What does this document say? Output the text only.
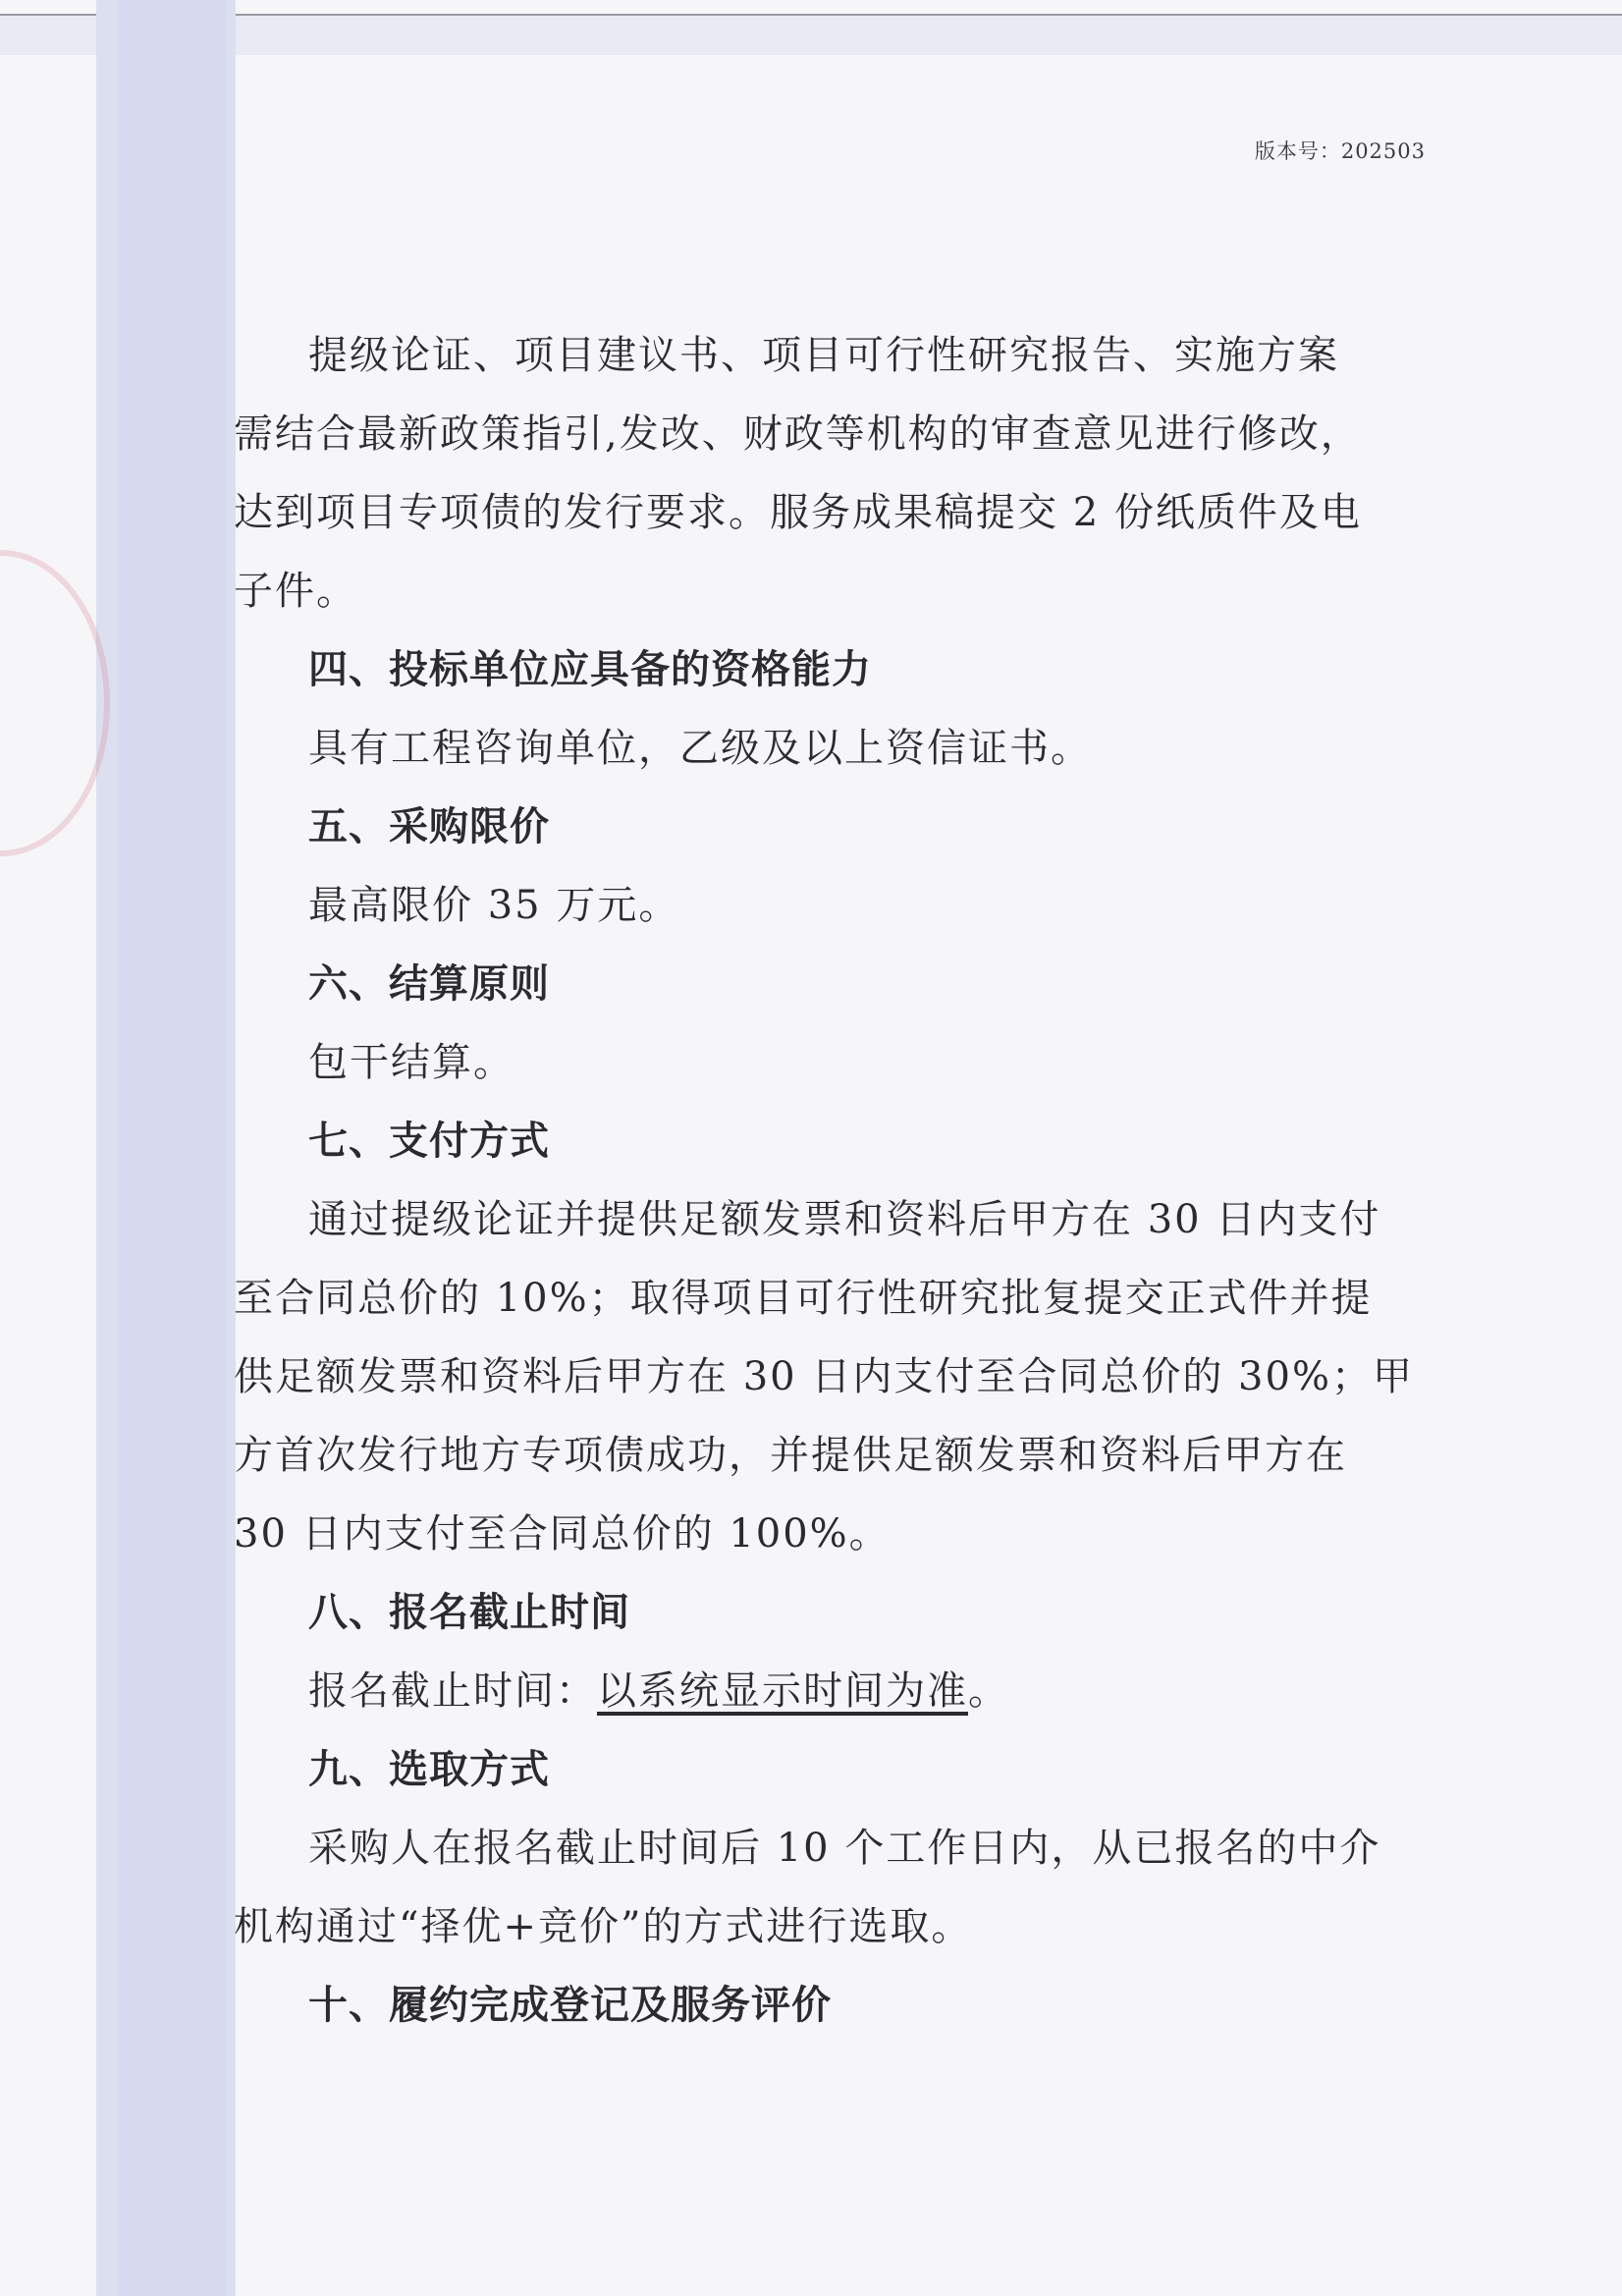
版本号：202503
提级论证、项目建议书、项目可行性研究报告、实施方案
需结合最新政策指引,发改、财政等机构的审查意见进行修改，
达到项目专项债的发行要求。服务成果稿提交 2 份纸质件及电
子件。
四、投标单位应具备的资格能力
具有工程咨询单位，乙级及以上资信证书。
五、采购限价
最高限价 35 万元。
六、结算原则
包干结算。
七、支付方式
通过提级论证并提供足额发票和资料后甲方在 30 日内支付
至合同总价的 10%；取得项目可行性研究批复提交正式件并提
供足额发票和资料后甲方在 30 日内支付至合同总价的 30%；甲
方首次发行地方专项债成功，并提供足额发票和资料后甲方在
30 日内支付至合同总价的 100%。
八、报名截止时间
报名截止时间：以系统显示时间为准。
九、选取方式
采购人在报名截止时间后 10 个工作日内，从已报名的中介
机构通过“择优+竞价”的方式进行选取。
十、履约完成登记及服务评价
